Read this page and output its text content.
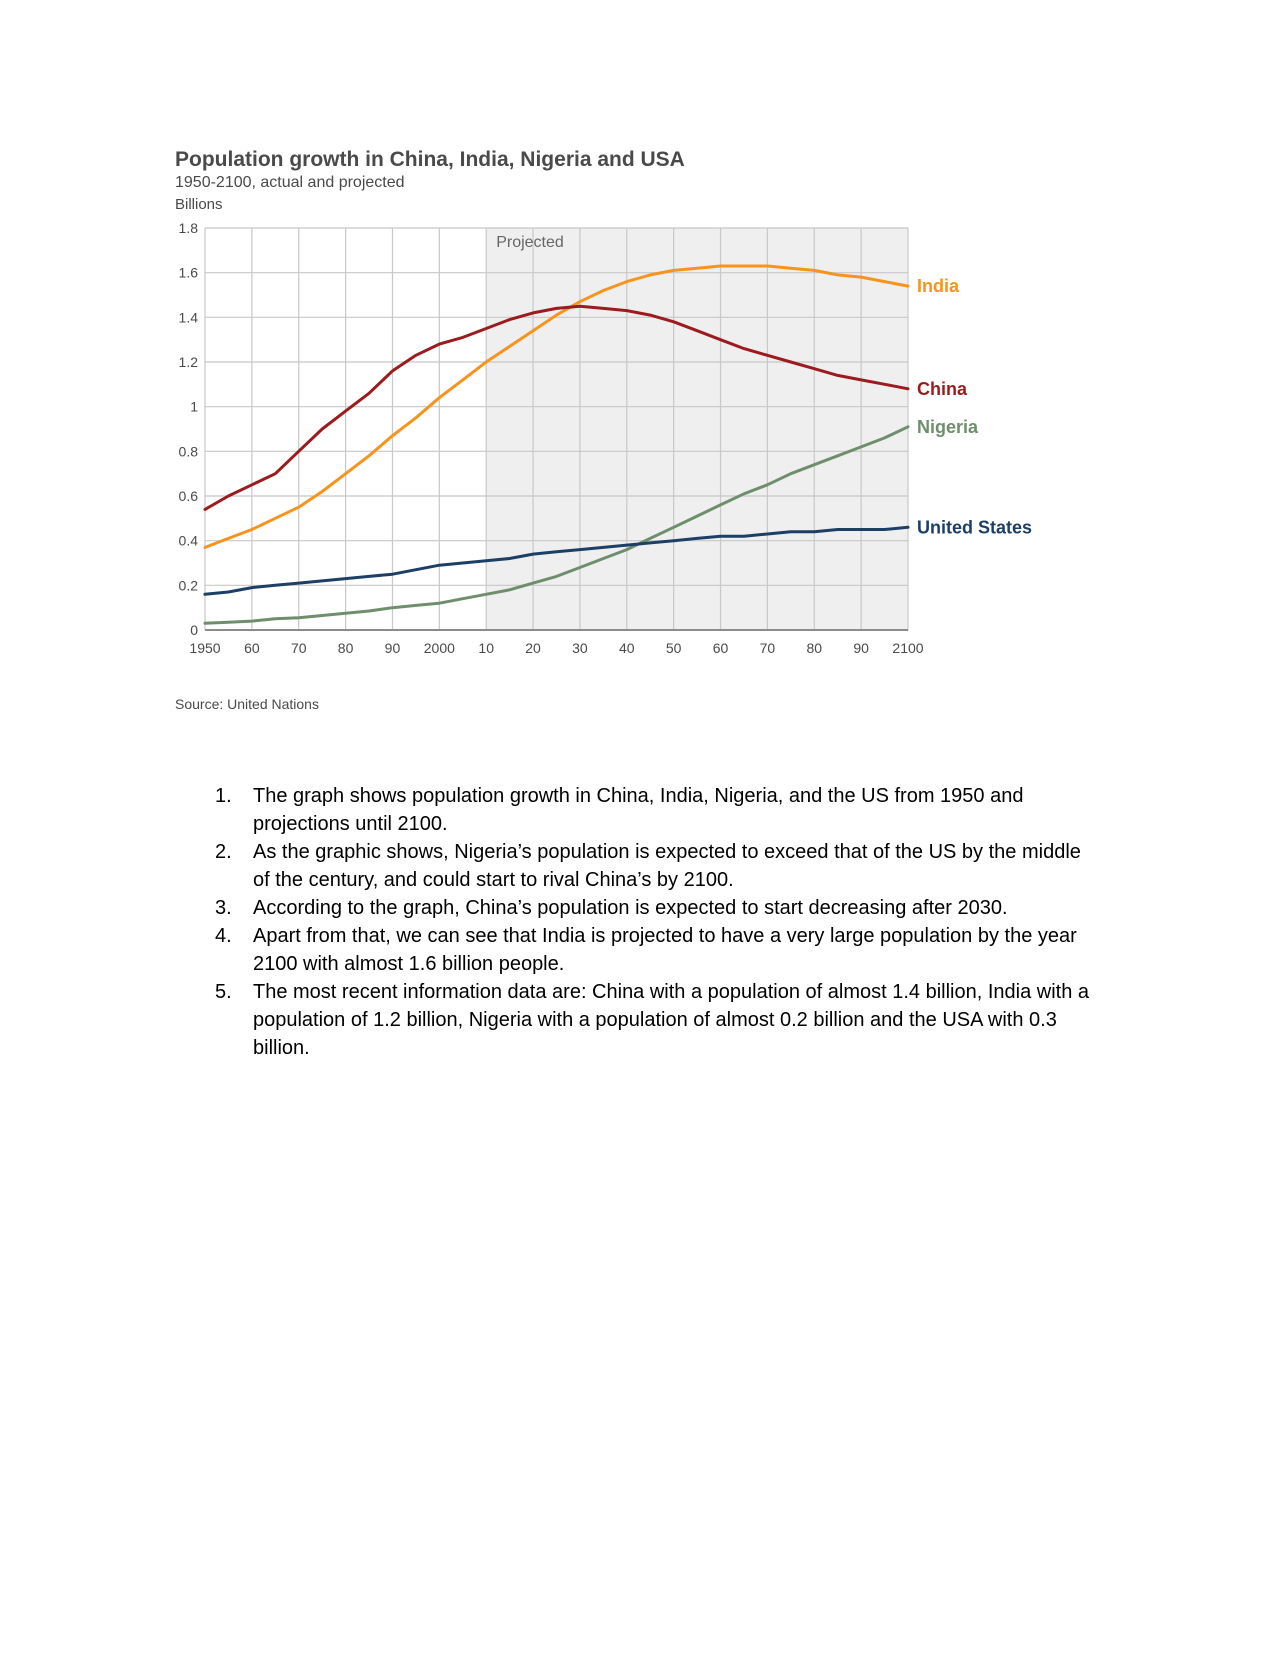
0
0.2
0.4
0.6
0.8
1
1.2
1.4
1.6
1.8
1950 60 70 80 90 2000 10 20 30 40 50 60 70 80 90 2100
Billions
Projected
India
China
Nigeria
United States
Population growth in China, India, Nigeria and USA
1950-2100, actual and projected
Source: United Nations
1. The graph shows population growth in China, India, Nigeria, and the US from 1950 and projections until 2100.
2. As the graphic shows, Nigeria’s population is expected to exceed that of the US by the middle of the century, and could start to rival China’s by 2100.
3. According to the graph, China’s population is expected to start decreasing after 2030.
4. Apart from that, we can see that India is projected to have a very large population by the year 2100 with almost 1.6 billion people.
5. The most recent information data are: China with a population of almost 1.4 billion, India with a population of 1.2 billion, Nigeria with a population of almost 0.2 billion and the USA with 0.3 billion.
